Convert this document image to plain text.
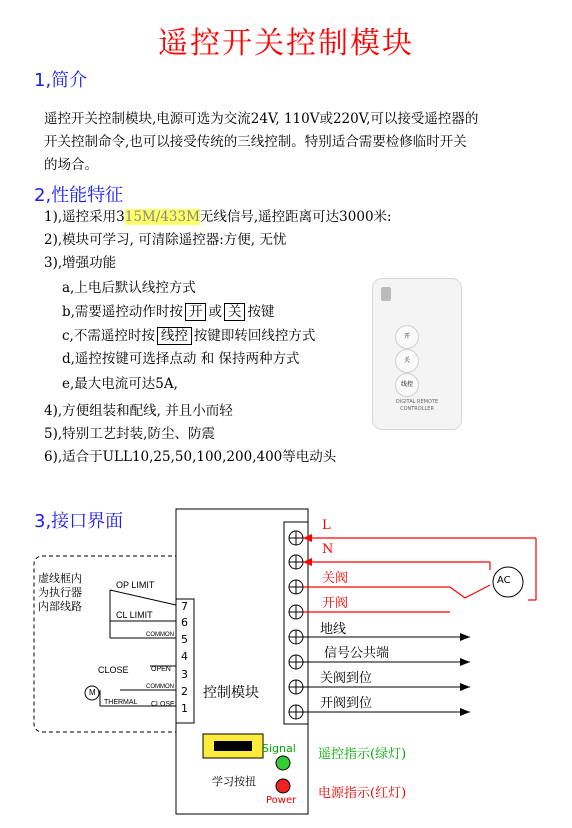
遥控开关控制模块
1,简介
遥控开关控制模块,电源可选为交流24V, 110V或220V,可以接受遥控器的
开关控制命令,也可以接受传统的三线控制。特别适合需要检修临时开关
的场合。
2,性能特征
1),遥控采用315M/433M无线信号,遥控距离可达3000米:
2),模块可学习, 可清除遥控器:方便, 无忧
3),增强功能
a,上电后默认线控方式
b,需要遥控动作时按 开 或 关 按键
c,不需遥控时按 线控 按键即转回线控方式
d,遥控按键可选择点动 和 保持两种方式
e,最大电流可达5A,
4),方便组装和配线, 并且小而轻
5),特别工艺封装,防尘、防震
6),适合于ULL10,25,50,100,200,400等电动头
开
关
线控
DIGITAL REMOTE
CONTROLLER
3,接口界面
7
6
5
4
3
2
1
虚线框内
为执行器
内部线路
OP LIMIT
CL LIMIT
COMMON
CLOSE	OPEN
COMMON
THERMAL CLOSE
M	控制模块
学习按扭
Signal
Power
L
N
关阀
开阀
地线
信号公共端
关阀到位
开阀到位
AC
遥控指示(绿灯)
电源指示(红灯)
